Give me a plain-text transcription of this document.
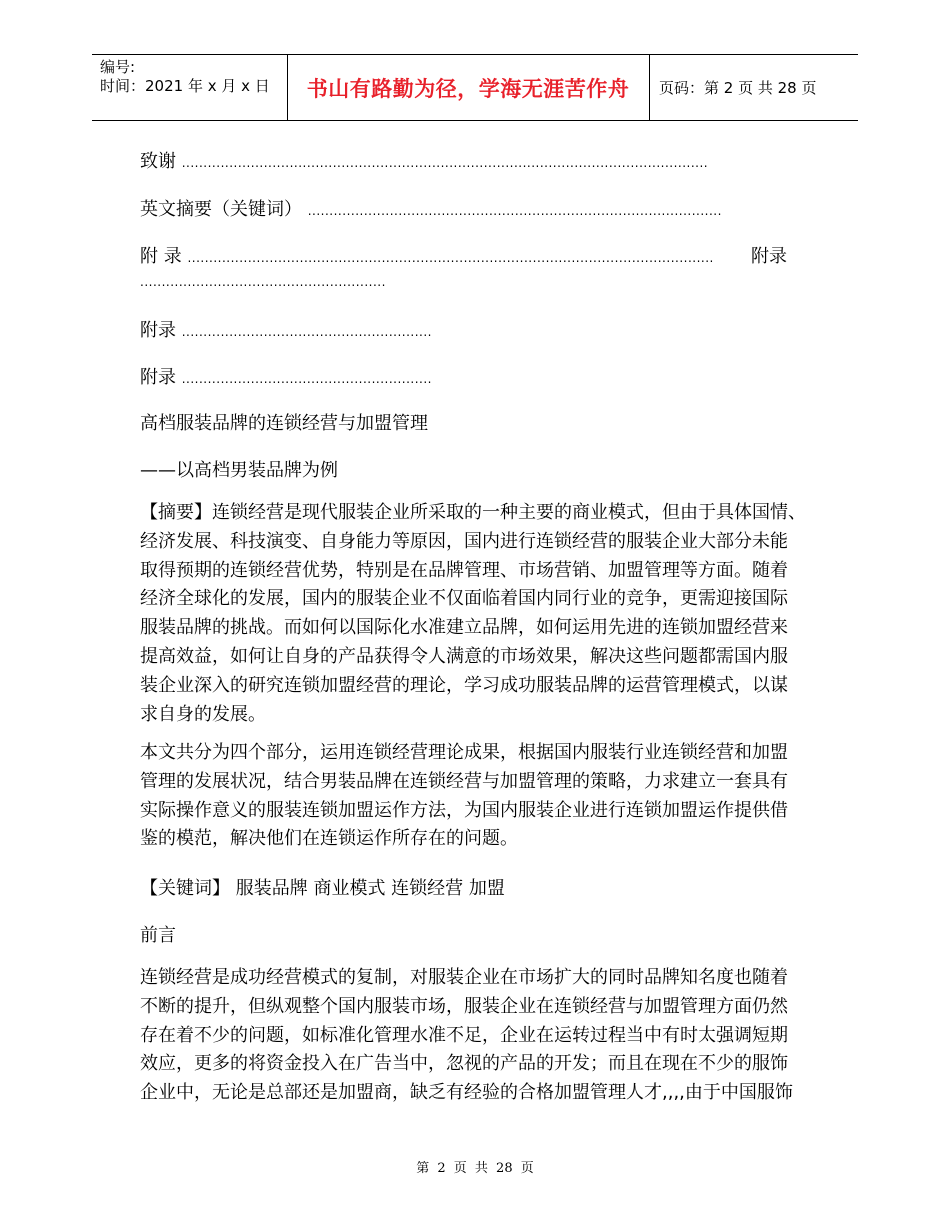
编号:
时间：2021 年 x 月 x 日	书山有路勤为径，学海无涯苦作舟	页码：第 2 页 共 28 页
致谢 ..........................................................................................................................
英文摘要（关键词） ................................................................................................
附 录 .......................................................................................................................... 附录
.........................................................
附录 ..........................................................
附录 ..........................................................
高档服装品牌的连锁经营与加盟管理
——以高档男装品牌为例
【摘要】连锁经营是现代服装企业所采取的一种主要的商业模式，但由于具体国情、
经济发展、科技演变、自身能力等原因，国内进行连锁经营的服装企业大部分未能
取得预期的连锁经营优势，特别是在品牌管理、市场营销、加盟管理等方面。随着
经济全球化的发展，国内的服装企业不仅面临着国内同行业的竞争，更需迎接国际
服装品牌的挑战。而如何以国际化水准建立品牌，如何运用先进的连锁加盟经营来
提高效益，如何让自身的产品获得令人满意的市场效果，解决这些问题都需国内服
装企业深入的研究连锁加盟经营的理论，学习成功服装品牌的运营管理模式，以谋
求自身的发展。
本文共分为四个部分，运用连锁经营理论成果，根据国内服装行业连锁经营和加盟
管理的发展状况，结合男装品牌在连锁经营与加盟管理的策略，力求建立一套具有
实际操作意义的服装连锁加盟运作方法，为国内服装企业进行连锁加盟运作提供借
鉴的模范，解决他们在连锁运作所存在的问题。
【关键词】 服装品牌 商业模式 连锁经营 加盟
前言
连锁经营是成功经营模式的复制，对服装企业在市场扩大的同时品牌知名度也随着
不断的提升，但纵观整个国内服装市场，服装企业在连锁经营与加盟管理方面仍然
存在着不少的问题，如标准化管理水准不足，企业在运转过程当中有时太强调短期
效应，更多的将资金投入在广告当中，忽视的产品的开发；而且在现在不少的服饰
企业中，无论是总部还是加盟商，缺乏有经验的合格加盟管理人才,,,,由于中国服饰
第 2 页 共 28 页
